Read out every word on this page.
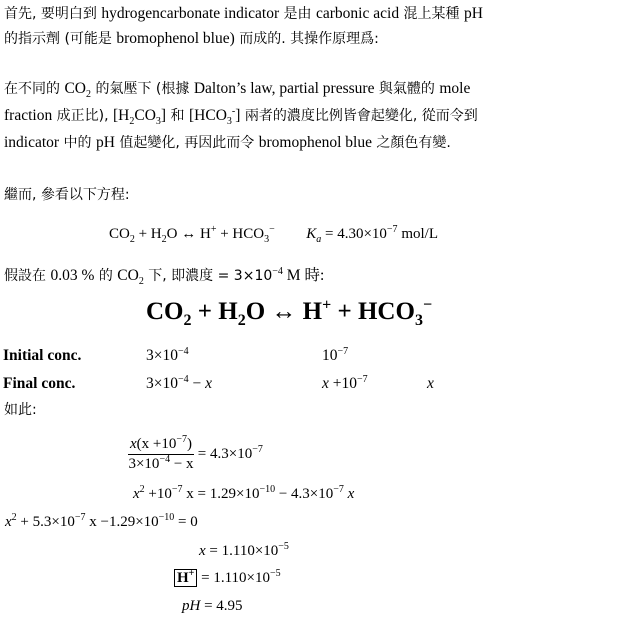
首先, 要明白到 hydrogencarbonate indicator 是由 carbonic acid 混上某種 pH
的指示劑 (可能是 bromophenol blue) 而成的. 其操作原理爲:
在不同的 $CO_2$ 的氣壓下 (根據 Dalton’s law, partial pressure 與氣體的 mole
fraction 成正比), $[H_2CO_3]$ 和 $[HCO_3^-]$ 兩者的濃度比例皆會起變化, 從而令到
indicator 中的 pH 值起變化, 再因此而令 bromophenol blue 之顏色有變.
繼而, 參看以下方程:
$CO_2 + H_2O$ ↔ $H^+ + HCO_3^-$ $K_a = 4.30\times 10^{-7}$ mol/L
假設在 0.03 % 的 $CO_2$ 下, 即濃度 = $3\times 10^{-4}$ M 時:
$CO_2 + H_2O$ ↔ $H^+ + HCO_3^-$
Initial conc.	$3\times 10^{-4}$	$10^{-7}$
Final conc.	$3\times 10^{-4} - x$	$x +10^{-7}$	x
如此:
$\frac{x(x +10^{-7})}{3\times 10^{-4} - x} = 4.3\times 10^{-7}$
$x^2 +10^{-7}$ $x = 1.29\times 10^{-10} - 4.3\times 10^{-7}$ x
$x^2 + 5.3\times 10^{-7}$ $x -1.29\times 10^{-10} = 0$
$x = 1.110\times 10^{-5}$
$H^+ = 1.110\times 10^{-5}$
pH = 4.95
